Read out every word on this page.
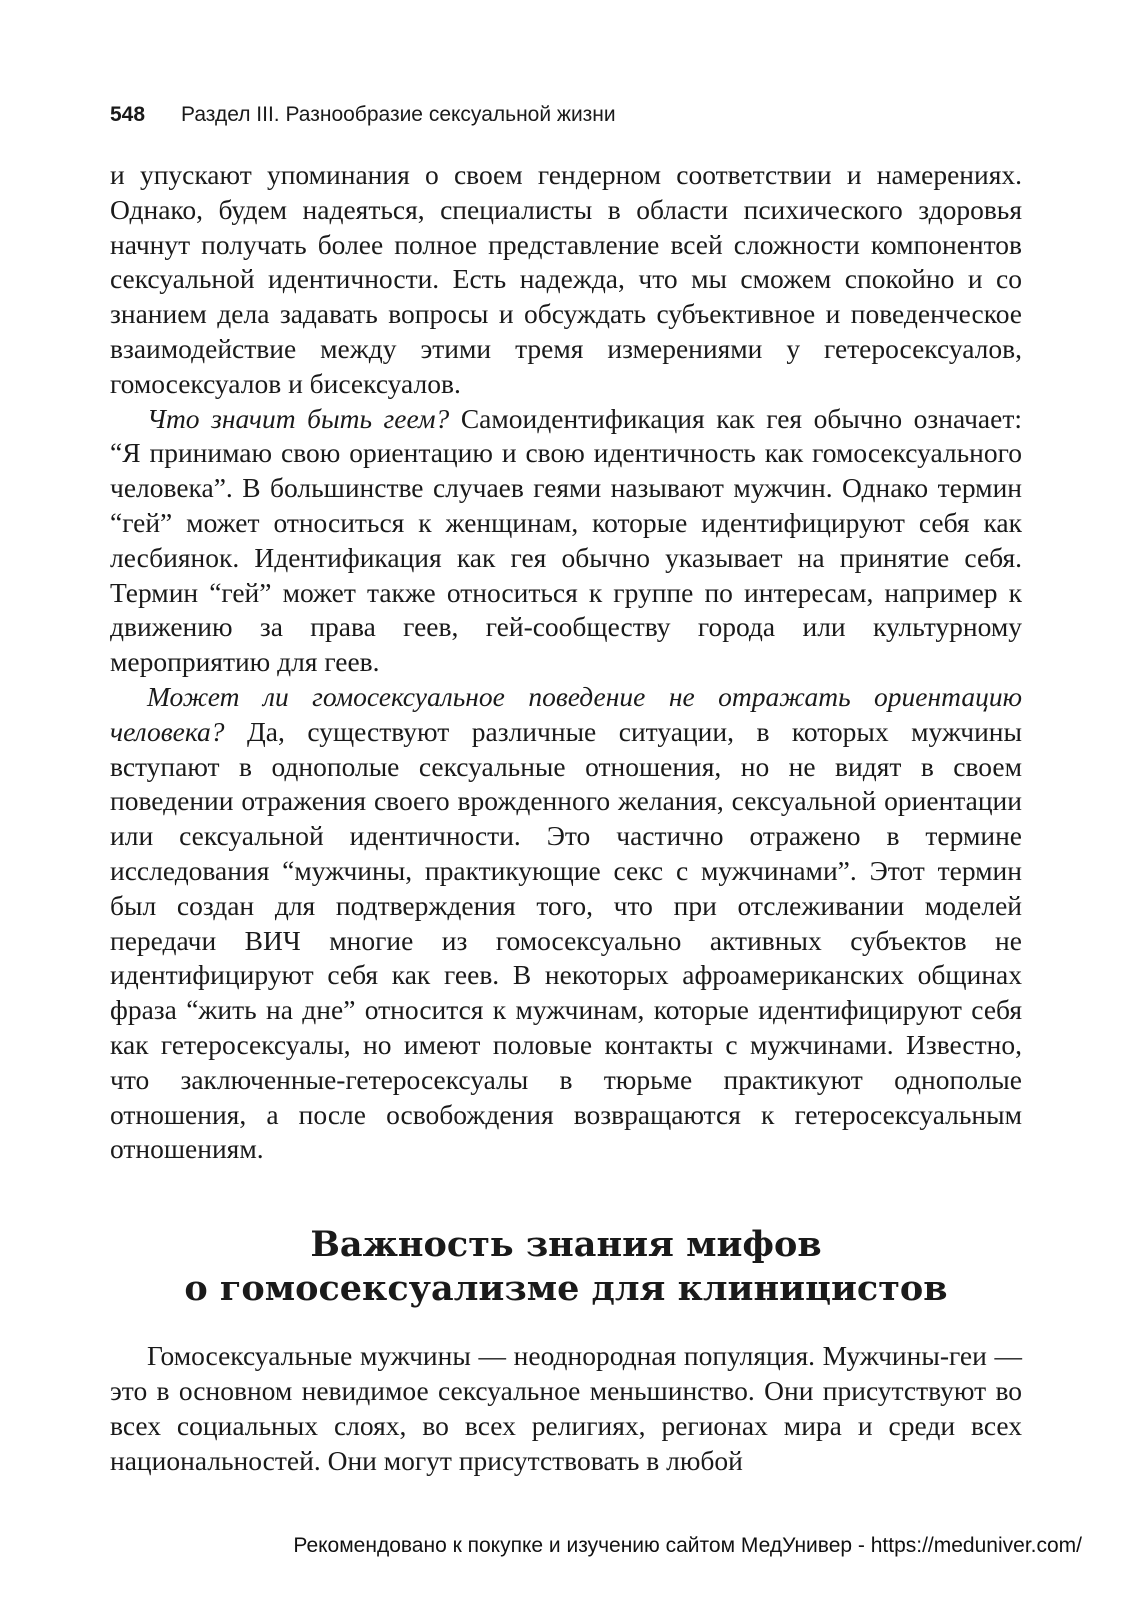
548 Раздел III. Разнообразие сексуальной жизни

и упускают упоминания о своем гендерном соответствии и намерениях. Однако, будем надеяться, специалисты в области психического здоровья начнут получать более полное представление всей сложности компонентов сексуальной идентичности. Есть надежда, что мы сможем спокойно и со знанием дела задавать вопросы и обсуждать субъективное и поведенческое взаимодействие между этими тремя измерениями у гетеросексуалов, гомосексуалов и бисексуалов.

Что значит быть геем? Самоидентификация как гея обычно означает: “Я принимаю свою ориентацию и свою идентичность как гомосексуального человека”. В большинстве случаев геями называют мужчин. Однако термин “гей” может относиться к женщинам, которые идентифицируют себя как лесбиянок. Идентификация как гея обычно указывает на принятие себя. Термин “гей” может также относиться к группе по интересам, например к движению за права геев, гей-сообществу города или культурному мероприятию для геев.

Может ли гомосексуальное поведение не отражать ориентацию человека? Да, существуют различные ситуации, в которых мужчины вступают в однополые сексуальные отношения, но не видят в своем поведении отражения своего врожденного желания, сексуальной ориентации или сексуальной идентичности. Это частично отражено в термине исследования “мужчины, практикующие секс с мужчинами”. Этот термин был создан для подтверждения того, что при отслеживании моделей передачи ВИЧ многие из гомосексуально активных субъектов не идентифицируют себя как геев. В некоторых афроамериканских общинах фраза “жить на дне” относится к мужчинам, которые идентифицируют себя как гетеросексуалы, но имеют половые контакты с мужчинами. Известно, что заключенные-гетеросексуалы в тюрьме практикуют однополые отношения, а после освобождения возвращаются к гетеросексуальным отношениям.

Важность знания мифов
о гомосексуализме для клиницистов

Гомосексуальные мужчины — неоднородная популяция. Мужчины-геи — это в основном невидимое сексуальное меньшинство. Они присутствуют во всех социальных слоях, во всех религиях, регионах мира и среди всех национальностей. Они могут присутствовать в любой

Рекомендовано к покупке и изучению сайтом МедУнивер - https://meduniver.com/
